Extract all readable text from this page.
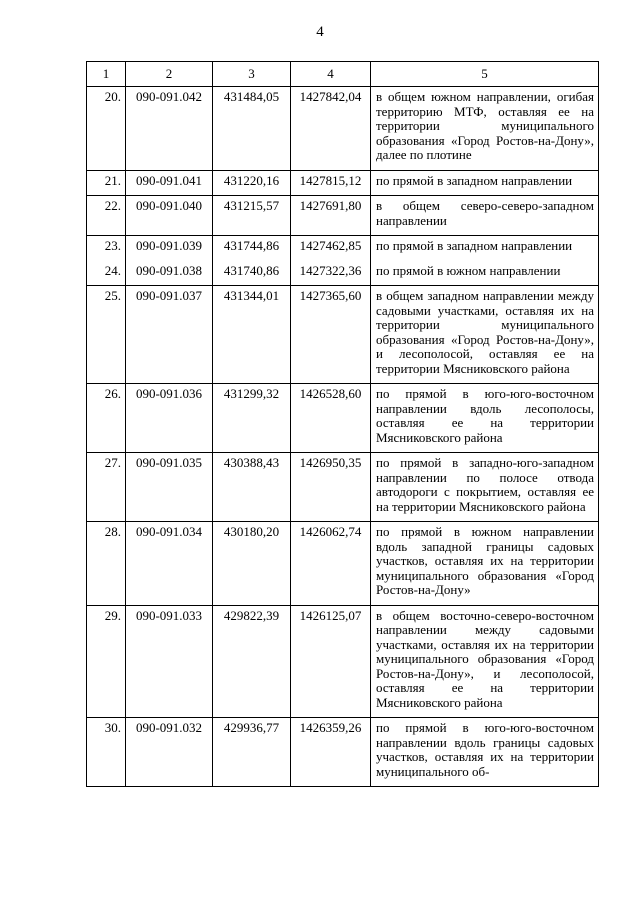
4
1	2	3	4	5
20.	090-091.042	431484,05	1427842,04	в общем южном направлении, огибая территорию МТФ, оставляя ее на территории муниципального образования «Город Ростов-на-Дону», далее по плотине
21.	090-091.041	431220,16	1427815,12	по прямой в западном направлении
22.	090-091.040	431215,57	1427691,80	в общем северо-северо-западном направлении
23.	090-091.039	431744,86	1427462,85	по прямой в западном направлении
24.	090-091.038	431740,86	1427322,36	по прямой в южном направлении
25.	090-091.037	431344,01	1427365,60	в общем западном направлении между садовыми участками, оставляя их на территории муниципального образования «Город Ростов-на-Дону», и лесополосой, оставляя ее на территории Мясниковского района
26.	090-091.036	431299,32	1426528,60	по прямой в юго-юго-восточном направлении вдоль лесополосы, оставляя ее на территории Мясниковского района
27.	090-091.035	430388,43	1426950,35	по прямой в западно-юго-западном направлении по полосе отвода автодороги с покрытием, оставляя ее на территории Мясниковского района
28.	090-091.034	430180,20	1426062,74	по прямой в южном направлении вдоль западной границы садовых участков, оставляя их на территории муниципального образования «Город Ростов-на-Дону»
29.	090-091.033	429822,39	1426125,07	в общем восточно-северо-восточном направлении между садовыми участками, оставляя их на территории муниципального образования «Город Ростов-на-Дону», и лесополосой, оставляя ее на территории Мясниковского района
30.	090-091.032	429936,77	1426359,26	по прямой в юго-юго-восточном направлении вдоль границы садовых участков, оставляя их на территории муниципального об-
